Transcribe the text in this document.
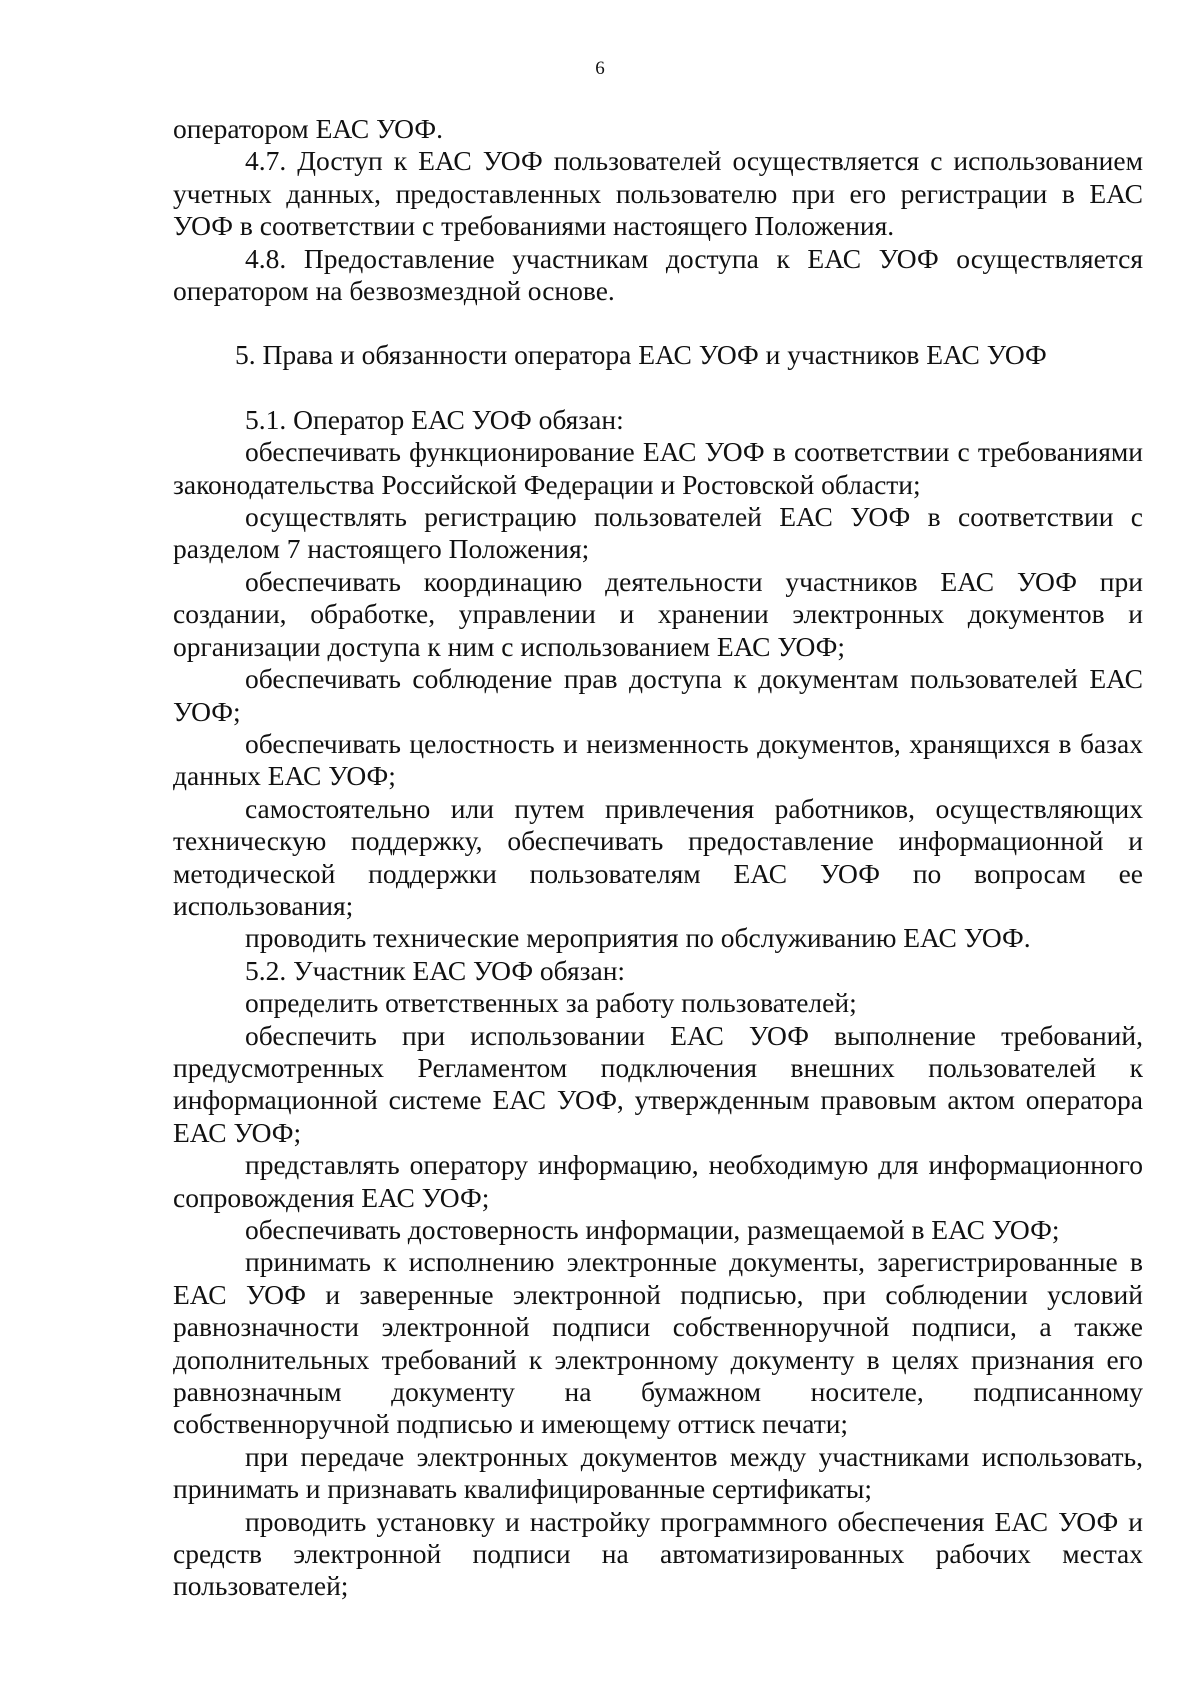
6

оператором ЕАС УОФ.

4.7. Доступ к ЕАС УОФ пользователей осуществляется с использованием учетных данных, предоставленных пользователю при его регистрации в ЕАС УОФ в соответствии с требованиями настоящего Положения.

4.8. Предоставление участникам доступа к ЕАС УОФ осуществляется оператором на безвозмездной основе.

5. Права и обязанности оператора ЕАС УОФ и участников ЕАС УОФ

5.1. Оператор ЕАС УОФ обязан:

обеспечивать функционирование ЕАС УОФ в соответствии с требованиями законодательства Российской Федерации и Ростовской области;

осуществлять регистрацию пользователей ЕАС УОФ в соответствии с разделом 7 настоящего Положения;

обеспечивать координацию деятельности участников ЕАС УОФ при создании, обработке, управлении и хранении электронных документов и организации доступа к ним с использованием ЕАС УОФ;

обеспечивать соблюдение прав доступа к документам пользователей ЕАС УОФ;

обеспечивать целостность и неизменность документов, хранящихся в базах данных ЕАС УОФ;

самостоятельно или путем привлечения работников, осуществляющих техническую поддержку, обеспечивать предоставление информационной и методической поддержки пользователям ЕАС УОФ по вопросам ее использования;

проводить технические мероприятия по обслуживанию ЕАС УОФ.

5.2. Участник ЕАС УОФ обязан:

определить ответственных за работу пользователей;

обеспечить при использовании ЕАС УОФ выполнение требований, предусмотренных Регламентом подключения внешних пользователей к информационной системе ЕАС УОФ, утвержденным правовым актом оператора ЕАС УОФ;

представлять оператору информацию, необходимую для информационного сопровождения ЕАС УОФ;

обеспечивать достоверность информации, размещаемой в ЕАС УОФ;

принимать к исполнению электронные документы, зарегистрированные в ЕАС УОФ и заверенные электронной подписью, при соблюдении условий равнозначности электронной подписи собственноручной подписи, а также дополнительных требований к электронному документу в целях признания его равнозначным документу на бумажном носителе, подписанному собственноручной подписью и имеющему оттиск печати;

при передаче электронных документов между участниками использовать, принимать и признавать квалифицированные сертификаты;

проводить установку и настройку программного обеспечения ЕАС УОФ и средств электронной подписи на автоматизированных рабочих местах пользователей;
